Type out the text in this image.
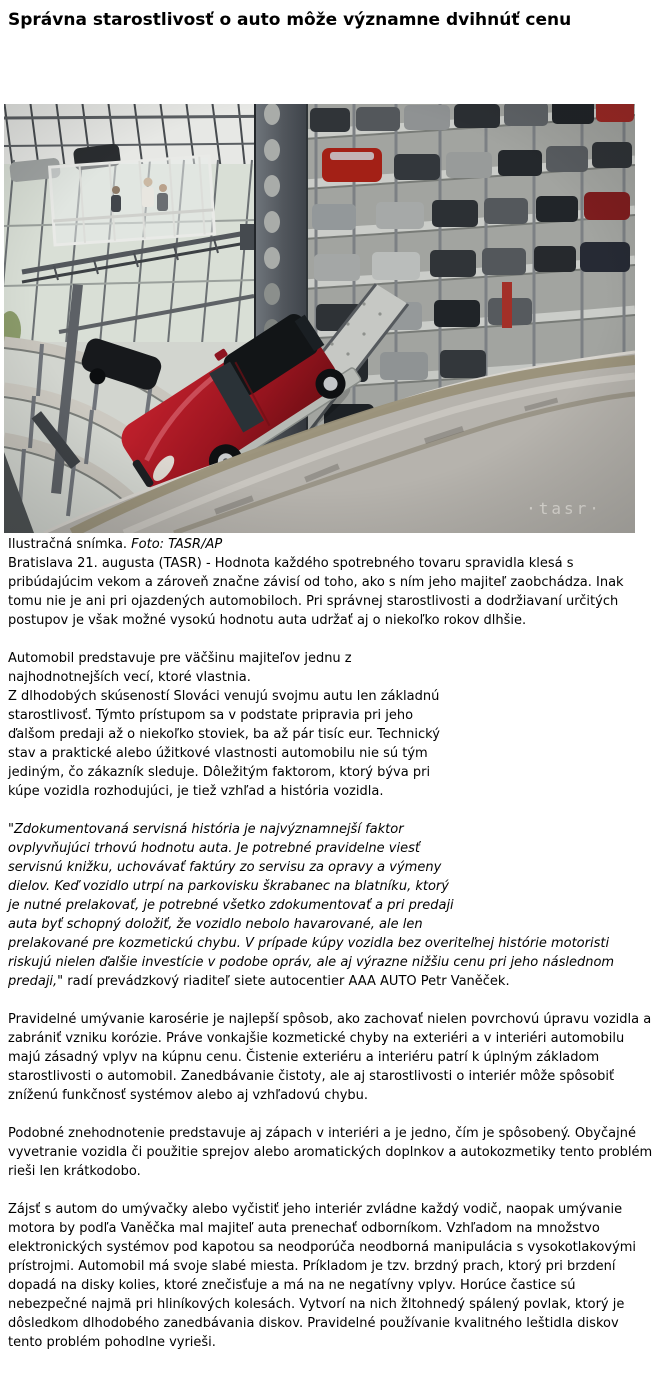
Správna starostlivosť o auto môže významne dvihnúť cenu
Ilustračná snímka. Foto: TASR/AP

Bratislava 21. augusta (TASR) - Hodnota každého spotrebného tovaru spravidla klesá s pribúdajúcim vekom a zároveň značne závisí od toho, ako s ním jeho majiteľ zaobchádza. Inak tomu nie je ani pri ojazdených automobiloch. Pri správnej starostlivosti a dodržiavaní určitých postupov je však možné vysokú hodnotu auta udržať aj o niekoľko rokov dlhšie.

Automobil predstavuje pre väčšinu majiteľov jednu z najhodnotnejších vecí, ktoré vlastnia.
Z dlhodobých skúseností Slováci venujú svojmu autu len základnú starostlivosť. Týmto prístupom sa v podstate pripravia pri jeho ďalšom predaji až o niekoľko stoviek, ba až pár tisíc eur. Technický stav a praktické alebo úžitkové vlastnosti automobilu nie sú tým jediným, čo zákazník sleduje. Dôležitým faktorom, ktorý býva pri kúpe vozidla rozhodujúci, je tiež vzhľad a história vozidla.

"Zdokumentovaná servisná história je najvýznamnejší faktor ovplyvňujúci trhovú hodnotu auta. Je potrebné pravidelne viesť servisnú knižku, uchovávať faktúry zo servisu za opravy a výmeny dielov. Keď vozidlo utrpí na parkovisku škrabanec na blatníku, ktorý je nutné prelakovať, je potrebné všetko zdokumentovať a pri predaji auta byť schopný doložiť, že vozidlo nebolo havarované, ale len prelakované pre kozmetickú chybu. V prípade kúpy vozidla bez overiteľnej histórie motoristi riskujú nielen ďalšie investície v podobe opráv, ale aj výrazne nižšiu cenu pri jeho následnom predaji," radí prevádzkový riaditeľ siete autocentier AAA AUTO Petr Vaněček.

Pravidelné umývanie karosérie je najlepší spôsob, ako zachovať nielen povrchovú úpravu vozidla a zabrániť vzniku korózie. Práve vonkajšie kozmetické chyby na exteriéri a v interiéri automobilu majú zásadný vplyv na kúpnu cenu. Čistenie exteriéru a interiéru patrí k úplným základom starostlivosti o automobil. Zanedbávanie čistoty, ale aj starostlivosti o interiér môže spôsobiť zníženú funkčnosť systémov alebo aj vzhľadovú chybu.

Podobné znehodnotenie predstavuje aj zápach v interiéri a je jedno, čím je spôsobený. Obyčajné vyvetranie vozidla či použitie sprejov alebo aromatických doplnkov a autokozmetiky tento problém rieši len krátkodobo.

Zájsť s autom do umývačky alebo vyčistiť jeho interiér zvládne každý vodič, naopak umývanie motora by podľa Vaněčka mal majiteľ auta prenechať odborníkom. Vzhľadom na množstvo elektronických systémov pod kapotou sa neodporúča neodborná manipulácia s vysokotlakovými prístrojmi. Automobil má svoje slabé miesta. Príkladom je tzv. brzdný prach, ktorý pri brzdení dopadá na disky kolies, ktoré znečisťuje a má na ne negatívny vplyv. Horúce častice sú nebezpečné najmä pri hliníkových kolesách. Vytvorí na nich žltohnedý spálený povlak, ktorý je dôsledkom dlhodobého zanedbávania diskov. Pravidelné používanie kvalitného leštidla diskov tento problém pohodlne vyrieši.
